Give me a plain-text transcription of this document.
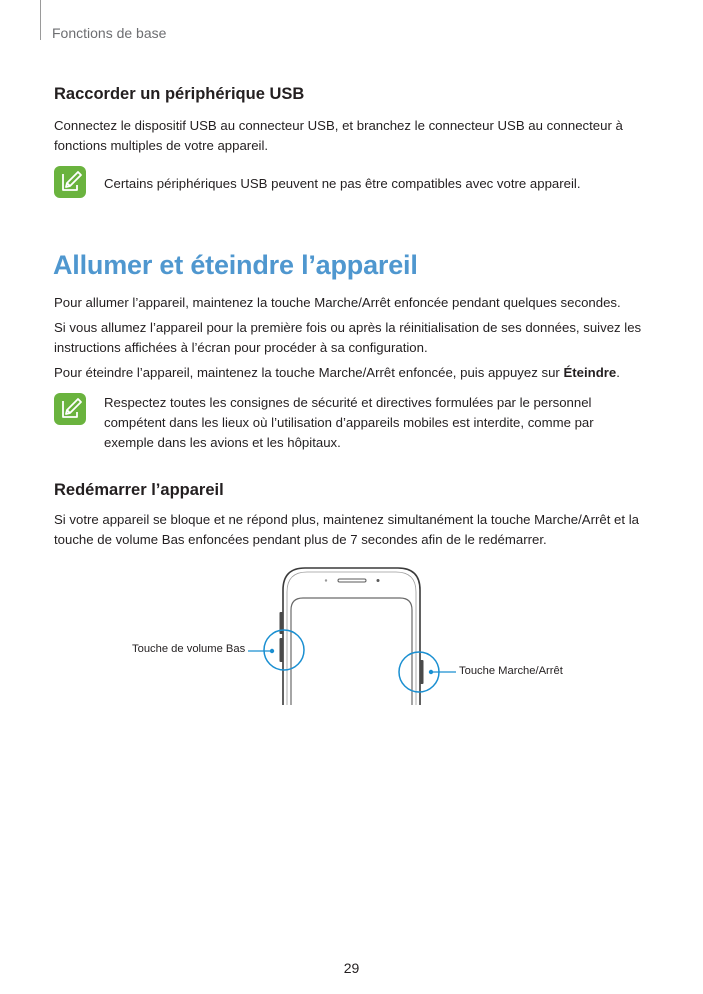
Fonctions de base
Raccorder un périphérique USB
Connectez le dispositif USB au connecteur USB, et branchez le connecteur USB au connecteur à fonctions multiples de votre appareil.
Certains périphériques USB peuvent ne pas être compatibles avec votre appareil.
Allumer et éteindre l’appareil
Pour allumer l’appareil, maintenez la touche Marche/Arrêt enfoncée pendant quelques secondes.
Si vous allumez l’appareil pour la première fois ou après la réinitialisation de ses données, suivez les instructions affichées à l’écran pour procéder à sa configuration.
Pour éteindre l’appareil, maintenez la touche Marche/Arrêt enfoncée, puis appuyez sur Éteindre.
Respectez toutes les consignes de sécurité et directives formulées par le personnel compétent dans les lieux où l’utilisation d’appareils mobiles est interdite, comme par exemple dans les avions et les hôpitaux.
Redémarrer l’appareil
Si votre appareil se bloque et ne répond plus, maintenez simultanément la touche Marche/Arrêt et la touche de volume Bas enfoncées pendant plus de 7 secondes afin de le redémarrer.
Touche de volume Bas
Touche Marche/Arrêt
29
